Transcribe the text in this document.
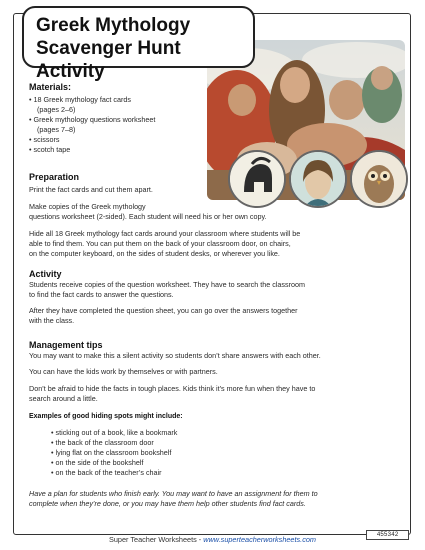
Greek Mythology
Scavenger Hunt Activity
Materials:
• 18 Greek mythology fact cards
(pages 2–6)
• Greek mythology questions worksheet
(pages 7–8)
• scissors
• scotch tape
Preparation
Print the fact cards and cut them apart.
Make copies of the Greek mythology
questions worksheet (2-sided). Each student will need his or her own copy.
Hide all 18 Greek mythology fact cards around your classroom where students will be
able to find them. You can put them on the back of your classroom door, on chairs,
on the computer keyboard, on the sides of student desks, or wherever you like.
Activity
Students receive copies of the question worksheet. They have to search the classroom
to find the fact cards to answer the questions.
After they have completed the question sheet, you can go over the answers together
with the class.
Management tips
You may want to make this a silent activity so students don’t share answers with each other.
You can have the kids work by themselves or with partners.
Don’t be afraid to hide the facts in tough places. Kids think it’s more fun when they have to
search around a little.
Examples of good hiding spots might include:
• sticking out of a book, like a bookmark
• the back of the classroom door
• lying flat on the classroom bookshelf
• on the side of the bookshelf
• on the back of the teacher’s chair
Have a plan for students who finish early. You may want to have an assignment for them to
complete when they’re done, or you may have them help other students find fact cards.
Super Teacher Worksheets - www.superteacherworksheets.com
455342
